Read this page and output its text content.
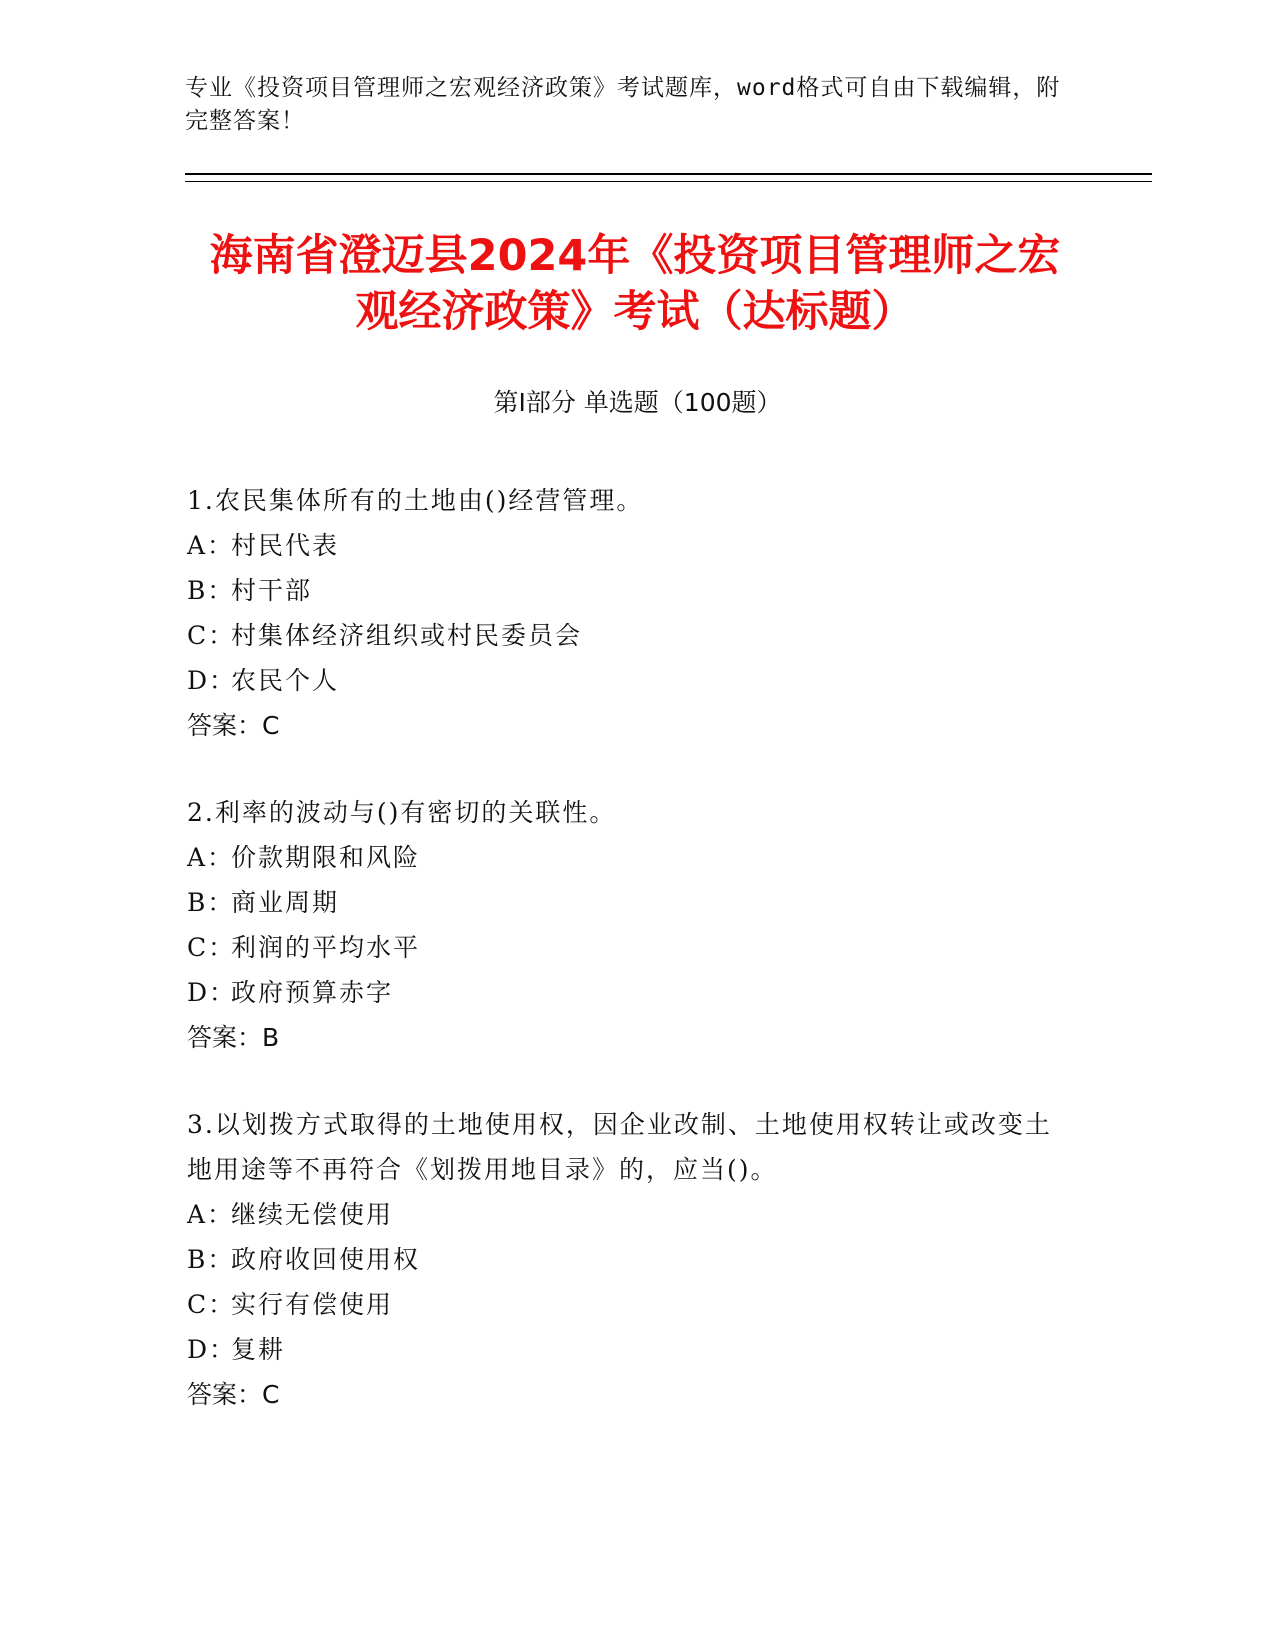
专业《投资项目管理师之宏观经济政策》考试题库，word格式可自由下载编辑，附完整答案！
海南省澄迈县2024年《投资项目管理师之宏
观经济政策》考试（达标题）
第Ⅰ部分 单选题（100题）

1.农民集体所有的土地由()经营管理。

A：村民代表

B：村干部

C：村集体经济组织或村民委员会

D：农民个人

答案：C

2.利率的波动与()有密切的关联性。

A：价款期限和风险

B：商业周期

C：利润的平均水平

D：政府预算赤字

答案：B

3.以划拨方式取得的土地使用权，因企业改制、土地使用权转让或改变土地用途等不再符合《划拨用地目录》的，应当()。

A：继续无偿使用

B：政府收回使用权

C：实行有偿使用

D：复耕

答案：C
